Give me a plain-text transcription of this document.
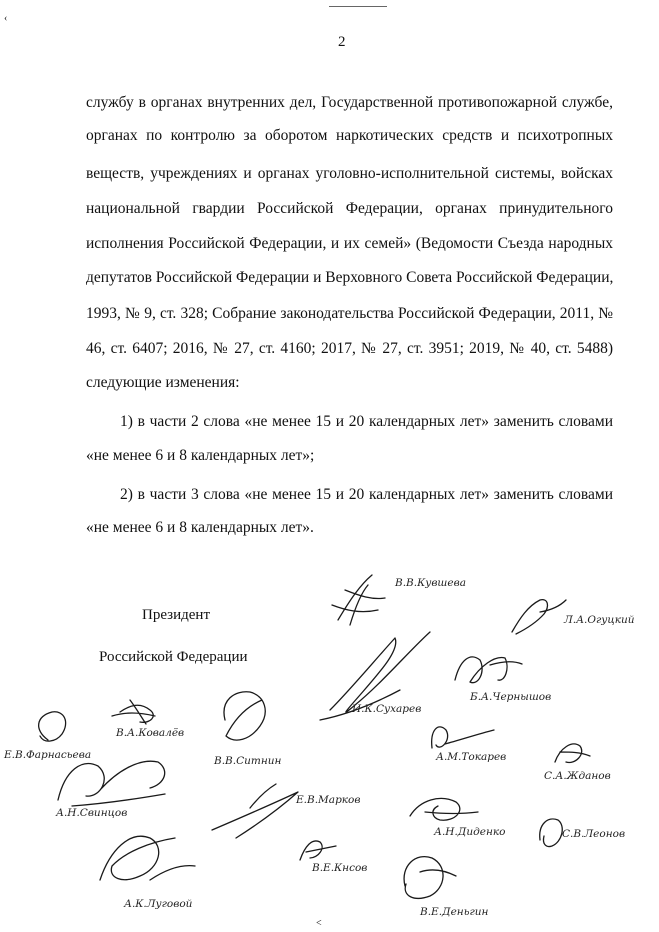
‹
2
службу в органах внутренних дел, Государственной противопожарной службе,
органах по контролю за оборотом наркотических средств и психотропных
веществ, учреждениях и органах уголовно-исполнительной системы, войсках
национальной гвардии Российской Федерации, органах принудительного
исполнения Российской Федерации, и их семей» (Ведомости Съезда народных
депутатов Российской Федерации и Верховного Совета Российской Федерации,
1993, № 9, ст. 328; Собрание законодательства Российской Федерации, 2011, №
46, ст. 6407; 2016, № 27, ст. 4160; 2017, № 27, ст. 3951; 2019, № 40, ст. 5488)
следующие изменения:
1) в части 2 слова «не менее 15 и 20 календарных лет» заменить словами
«не менее 6 и 8 календарных лет»;
2) в части 3 слова «не менее 15 и 20 календарных лет» заменить словами
«не менее 6 и 8 календарных лет».
Президент
Российской Федерации
В.В.Кувшева
Л.А.Огуцкий
Б.А.Чернышов
И.К.Сухарев
В.А.Ковалёв
Е.В.Фарнасьева	В.В.Ситнин	А.М.Токарев
С.А.Жданов
А.Н.Свинцов
Е.В.Марков
А.Н.Диденко	С.В.Леонов
В.Е.Кнсов
А.К.Луговой
В.Е.Деньгин
<
